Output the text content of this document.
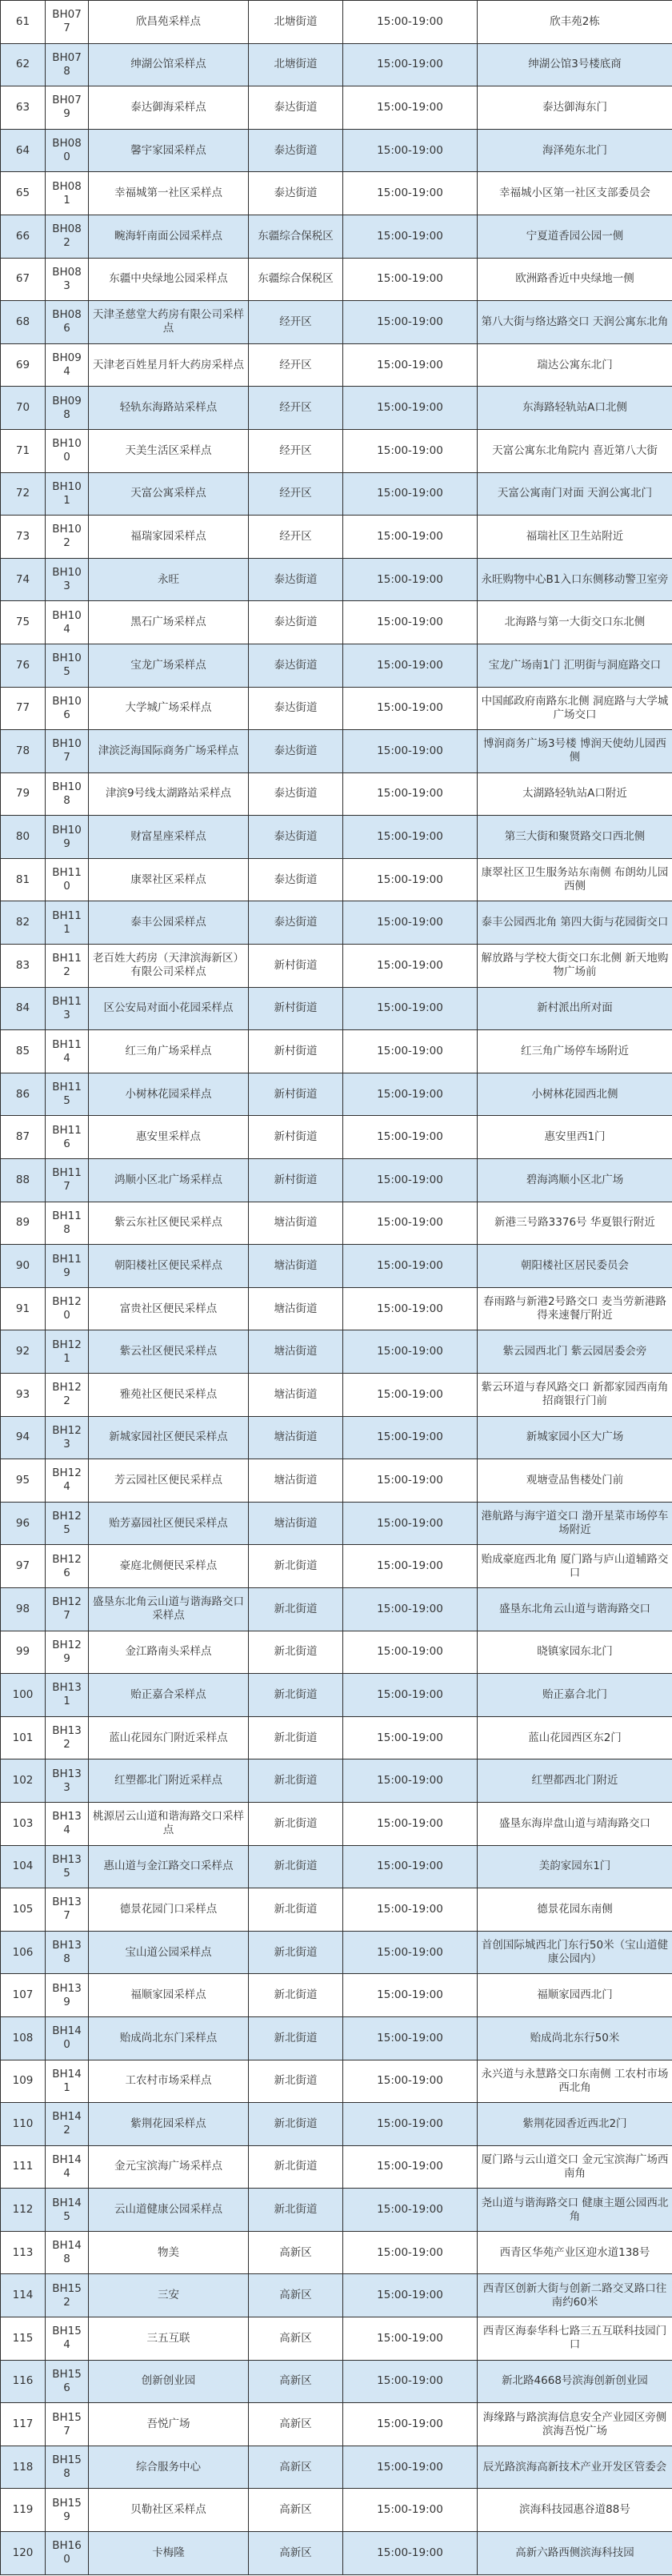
61	BH077	欣昌苑采样点	北塘街道	15:00-19:00	欣丰苑2栋
62	BH078	绅湖公馆采样点	北塘街道	15:00-19:00	绅湖公馆3号楼底商
63	BH079	泰达御海采样点	泰达街道	15:00-19:00	泰达御海东门
64	BH080	馨宇家园采样点	泰达街道	15:00-19:00	海泽苑东北门
65	BH081	幸福城第一社区采样点	泰达街道	15:00-19:00	幸福城小区第一社区支部委员会
66	BH082	畹海轩南面公园采样点	东疆综合保税区	15:00-19:00	宁夏道香园公园一侧
67	BH083	东疆中央绿地公园采样点	东疆综合保税区	15:00-19:00	欧洲路香近中央绿地一侧
68	BH086	天津圣慈堂大药房有限公司采样点	经开区	15:00-19:00	第八大街与络达路交口 天润公寓东北角
69	BH094	天津老百姓星月轩大药房采样点	经开区	15:00-19:00	瑞达公寓东北门
70	BH098	轻轨东海路站采样点	经开区	15:00-19:00	东海路轻轨站A口北侧
71	BH100	天美生活区采样点	经开区	15:00-19:00	天富公寓东北角院内 喜近第八大街
72	BH101	天富公寓采样点	经开区	15:00-19:00	天富公寓南门对面 天润公寓北门
73	BH102	福瑞家园采样点	经开区	15:00-19:00	福瑞社区卫生站附近
74	BH103	永旺	泰达街道	15:00-19:00	永旺购物中心B1入口东侧移动警卫室旁
75	BH104	黑石广场采样点	泰达街道	15:00-19:00	北海路与第一大街交口东北侧
76	BH105	宝龙广场采样点	泰达街道	15:00-19:00	宝龙广场南1门 汇明街与洞庭路交口
77	BH106	大学城广场采样点	泰达街道	15:00-19:00	中国邮政府南路东北侧 洞庭路与大学城广场交口
78	BH107	津滨泛海国际商务广场采样点	泰达街道	15:00-19:00	博润商务广场3号楼 博润天使幼儿园西侧
79	BH108	津滨9号线太湖路站采样点	泰达街道	15:00-19:00	太湖路轻轨站A口附近
80	BH109	财富星座采样点	泰达街道	15:00-19:00	第三大街和聚贤路交口西北侧
81	BH110	康翠社区采样点	泰达街道	15:00-19:00	康翠社区卫生服务站东南侧 布朗幼儿园西侧
82	BH111	泰丰公园采样点	泰达街道	15:00-19:00	泰丰公园西北角 第四大街与花园街交口
83	BH112	老百姓大药房（天津滨海新区）有限公司采样点	新村街道	15:00-19:00	解放路与学校大街交口东北侧 新天地购物广场前
84	BH113	区公安局对面小花园采样点	新村街道	15:00-19:00	新村派出所对面
85	BH114	红三角广场采样点	新村街道	15:00-19:00	红三角广场停车场附近
86	BH115	小树林花园采样点	新村街道	15:00-19:00	小树林花园西北侧
87	BH116	惠安里采样点	新村街道	15:00-19:00	惠安里西1门
88	BH117	鸿顺小区北广场采样点	新村街道	15:00-19:00	碧海鸿顺小区北广场
89	BH118	紫云东社区便民采样点	塘沽街道	15:00-19:00	新港三号路3376号 华夏银行附近
90	BH119	朝阳楼社区便民采样点	塘沽街道	15:00-19:00	朝阳楼社区居民委员会
91	BH120	富贵社区便民采样点	塘沽街道	15:00-19:00	春雨路与新港2号路交口 麦当劳新港路得来速餐厅附近
92	BH121	紫云社区便民采样点	塘沽街道	15:00-19:00	紫云园西北门 紫云园居委会旁
93	BH122	雅苑社区便民采样点	塘沽街道	15:00-19:00	紫云环道与春风路交口 新都家园西南角 招商银行门前
94	BH123	新城家园社区便民采样点	塘沽街道	15:00-19:00	新城家园小区大广场
95	BH124	芳云园社区便民采样点	塘沽街道	15:00-19:00	观塘壹品售楼处门前
96	BH125	贻芳嘉园社区便民采样点	塘沽街道	15:00-19:00	港航路与海宇道交口 渤开星菜市场停车场附近
97	BH126	豪庭北侧便民采样点	新北街道	15:00-19:00	贻成豪庭西北角 厦门路与庐山道辅路交口
98	BH127	盛垦东北角云山道与谐海路交口采样点	新北街道	15:00-19:00	盛垦东北角云山道与谐海路交口
99	BH129	金江路南头采样点	新北街道	15:00-19:00	晓镇家园东北门
100	BH131	贻正嘉合采样点	新北街道	15:00-19:00	贻正嘉合北门
101	BH132	蓝山花园东门附近采样点	新北街道	15:00-19:00	蓝山花园西区东2门
102	BH133	红塑都北门附近采样点	新北街道	15:00-19:00	红塑都西北门附近
103	BH134	桃源居云山道和谐海路交口采样点	新北街道	15:00-19:00	盛垦东海岸盘山道与靖海路交口
104	BH135	惠山道与金江路交口采样点	新北街道	15:00-19:00	美韵家园东1门
105	BH137	德景花园门口采样点	新北街道	15:00-19:00	德景花园东南侧
106	BH138	宝山道公园采样点	新北街道	15:00-19:00	首创国际城西北门东行50米（宝山道健康公园内）
107	BH139	福顺家园采样点	新北街道	15:00-19:00	福顺家园西北门
108	BH140	贻成尚北东门采样点	新北街道	15:00-19:00	贻成尚北东行50米
109	BH141	工农村市场采样点	新北街道	15:00-19:00	永兴道与永慧路交口东南侧 工农村市场西北角
110	BH142	紫荆花园采样点	新北街道	15:00-19:00	紫荆花园香近西北2门
111	BH144	金元宝滨海广场采样点	新北街道	15:00-19:00	厦门路与云山道交口 金元宝滨海广场西南角
112	BH145	云山道健康公园采样点	新北街道	15:00-19:00	尧山道与谐海路交口 健康主题公园西北角
113	BH148	物美	高新区	15:00-19:00	西青区华苑产业区迎水道138号
114	BH152	三安	高新区	15:00-19:00	西青区创新大街与创新二路交叉路口往南约60米
115	BH154	三五互联	高新区	15:00-19:00	西青区海泰华科七路三五互联科技园门口
116	BH156	创新创业园	高新区	15:00-19:00	新北路4668号滨海创新创业园
117	BH157	吾悦广场	高新区	15:00-19:00	海缘路与路滨海信息安全产业园区旁侧滨海吾悦广场
118	BH158	综合服务中心	高新区	15:00-19:00	辰光路滨海高新技术产业开发区管委会
119	BH159	贝勒社区采样点	高新区	15:00-19:00	滨海科技园惠谷道88号
120	BH160	卡梅隆	高新区	15:00-19:00	高新六路西侧滨海科技园
